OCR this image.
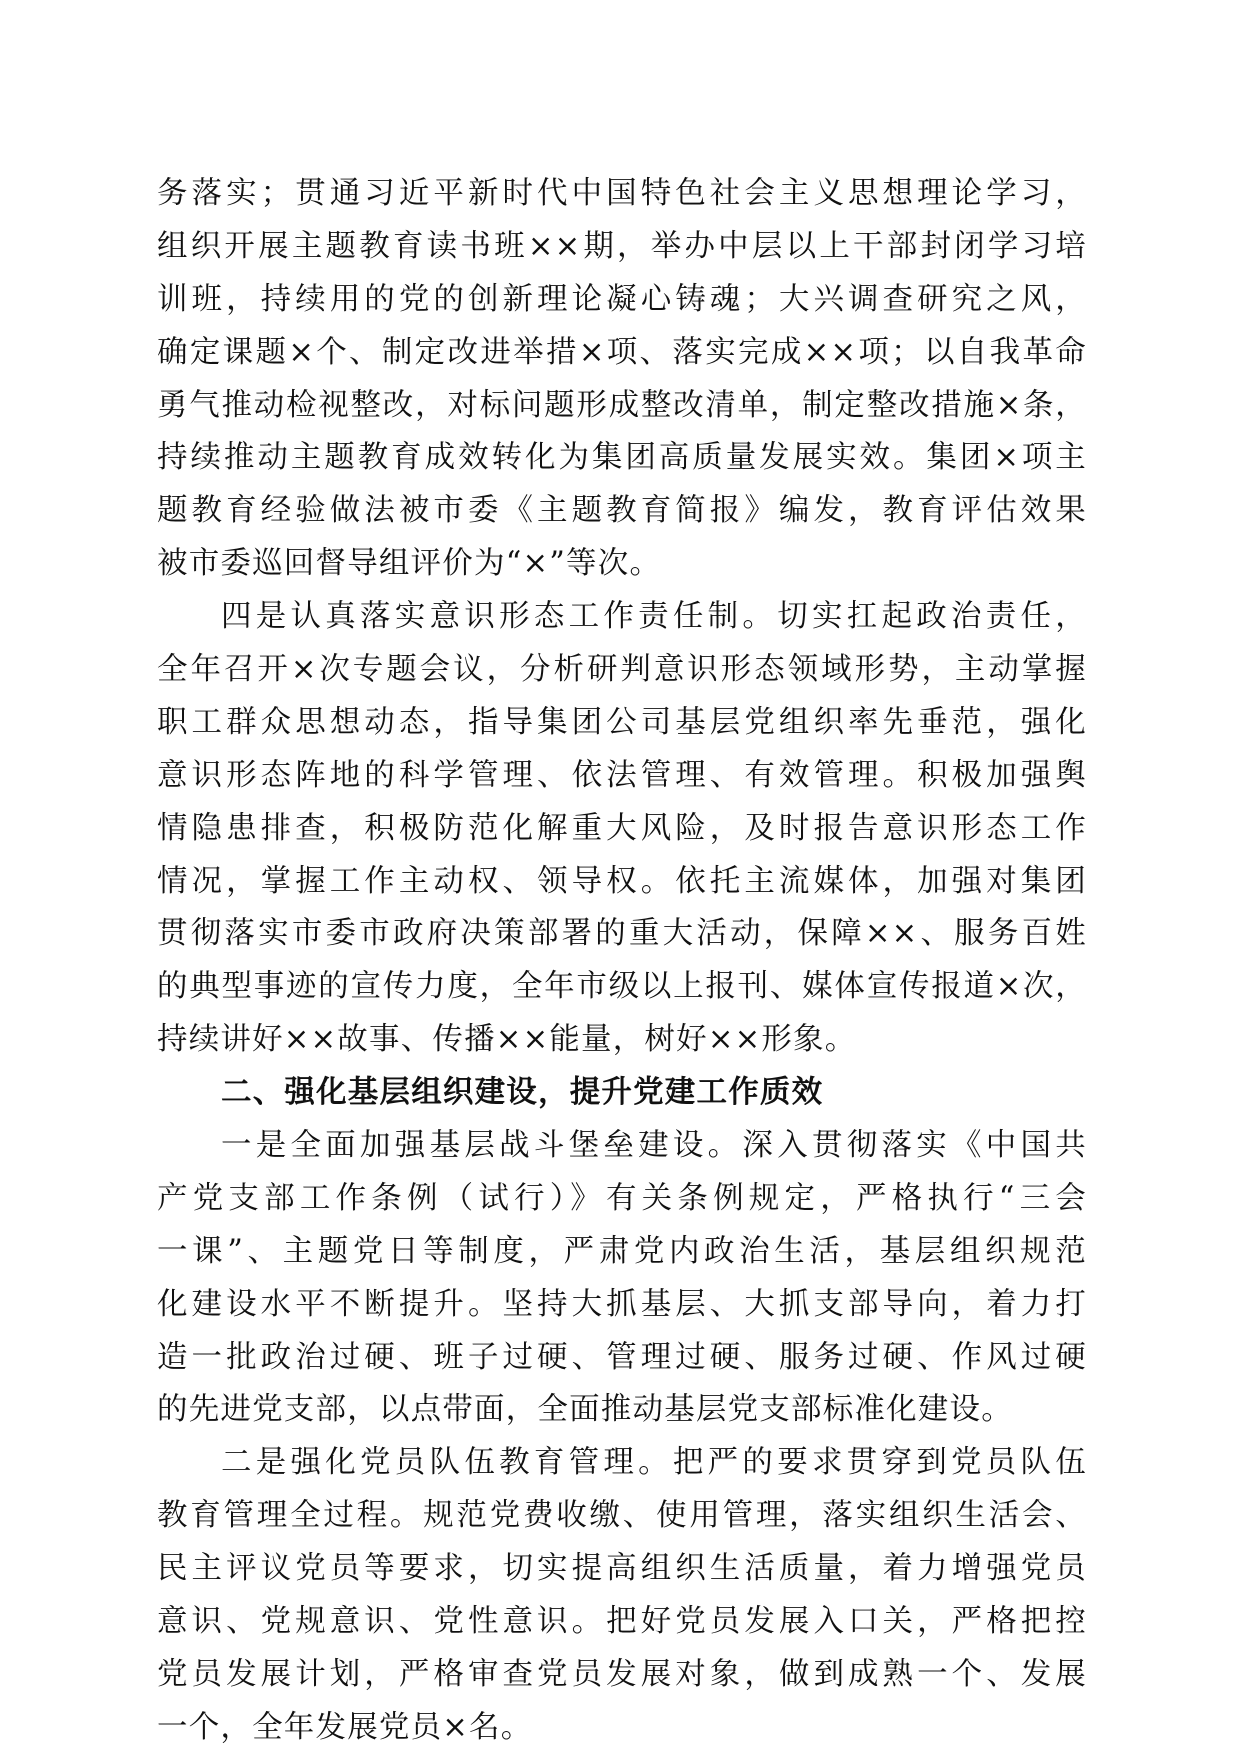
务落实；贯通习近平新时代中国特色社会主义思想理论学习，
组织开展主题教育读书班××期，举办中层以上干部封闭学习培
训班，持续用的党的创新理论凝心铸魂；大兴调查研究之风，
确定课题×个、制定改进举措×项、落实完成××项；以自我革命
勇气推动检视整改，对标问题形成整改清单，制定整改措施×条，
持续推动主题教育成效转化为集团高质量发展实效。集团×项主
题教育经验做法被市委《主题教育简报》编发，教育评估效果
被市委巡回督导组评价为“×”等次。
四是认真落实意识形态工作责任制。切实扛起政治责任，
全年召开×次专题会议，分析研判意识形态领域形势，主动掌握
职工群众思想动态，指导集团公司基层党组织率先垂范，强化
意识形态阵地的科学管理、依法管理、有效管理。积极加强舆
情隐患排查，积极防范化解重大风险，及时报告意识形态工作
情况，掌握工作主动权、领导权。依托主流媒体，加强对集团
贯彻落实市委市政府决策部署的重大活动，保障××、服务百姓
的典型事迹的宣传力度，全年市级以上报刊、媒体宣传报道×次，
持续讲好××故事、传播××能量，树好××形象。
二、强化基层组织建设，提升党建工作质效
一是全面加强基层战斗堡垒建设。深入贯彻落实《中国共
产党支部工作条例（试行）》有关条例规定，严格执行“三会
一课”、主题党日等制度，严肃党内政治生活，基层组织规范
化建设水平不断提升。坚持大抓基层、大抓支部导向，着力打
造一批政治过硬、班子过硬、管理过硬、服务过硬、作风过硬
的先进党支部，以点带面，全面推动基层党支部标准化建设。
二是强化党员队伍教育管理。把严的要求贯穿到党员队伍
教育管理全过程。规范党费收缴、使用管理，落实组织生活会、
民主评议党员等要求，切实提高组织生活质量，着力增强党员
意识、党规意识、党性意识。把好党员发展入口关，严格把控
党员发展计划，严格审查党员发展对象，做到成熟一个、发展
一个，全年发展党员×名。
